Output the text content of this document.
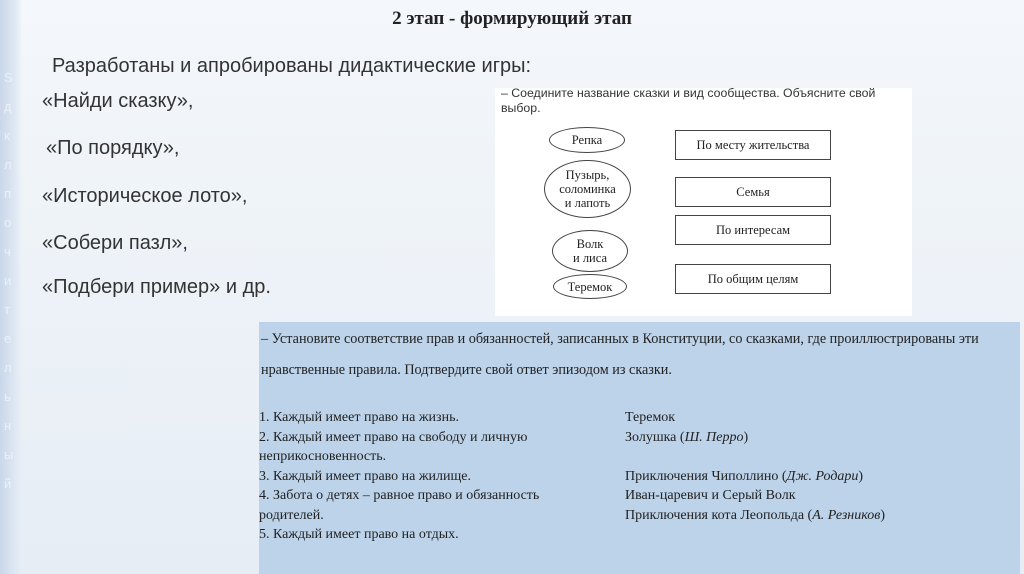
S
д
к
л
п
о
ч
и
т
е
л
ь
н
ы
й
2 этап - формирующий этап
Разработаны и апробированы дидактические игры:
«Найди сказку»,
«По порядку»,
«Историческое лото»,
«Собери пазл»,
«Подбери пример» и др.
– Соедините название сказки и вид сообщества. Объясните свой выбор.
Репка
Пузырь,
соломинка
и лапоть
Волк
и лиса
Теремок
По месту жительства
Семья
По интересам
По общим целям
– Установите соответствие прав и обязанностей, записанных в Конституции, со сказками, где проиллюстрированы эти нравственные правила. Подтвердите свой ответ эпизодом из сказки.
1. Каждый имеет право на жизнь.
2. Каждый имеет право на свободу и личную неприкосновенность.
3. Каждый имеет право на жилище.
4. Забота о детях – равное право и обязанность родителей.
5. Каждый имеет право на отдых.
Теремок
Золушка (Ш. Перро)
Приключения Чиполлино (Дж. Родари)
Иван-царевич и Серый Волк
Приключения кота Леопольда (А. Резников)
